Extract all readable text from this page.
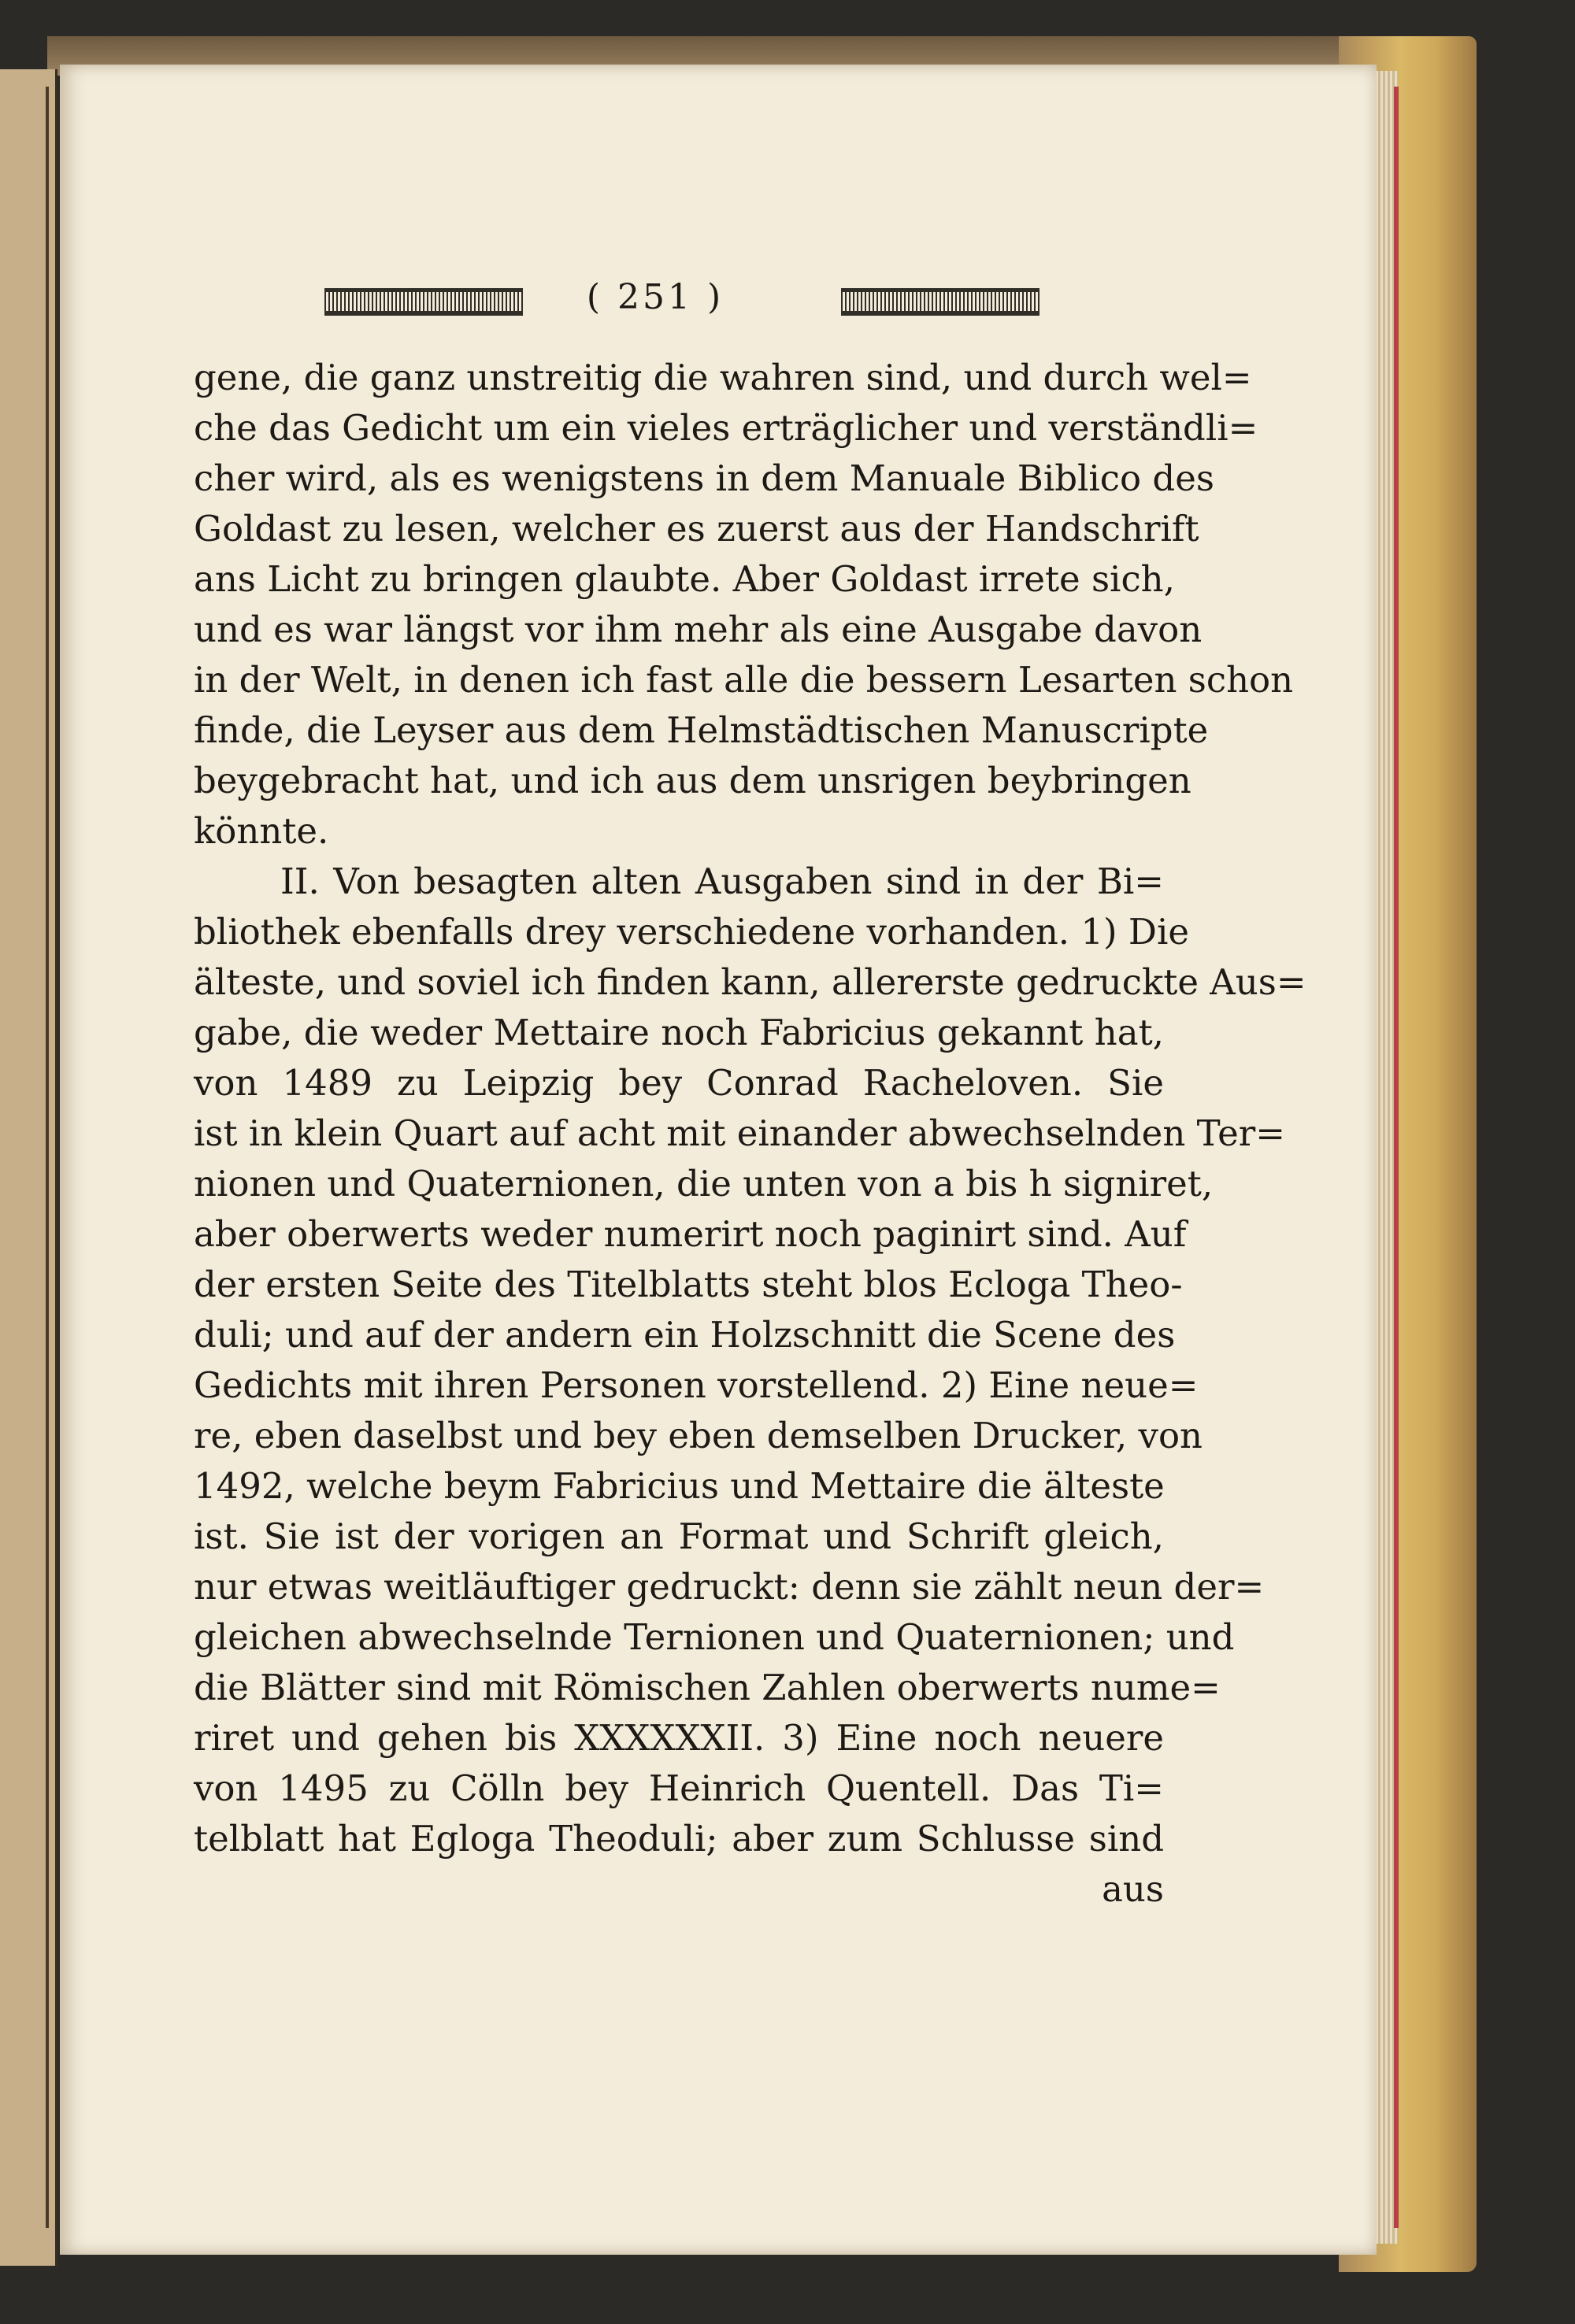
( 251 )
gene, die ganz unstreitig die wahren sind, und durch wel=
che das Gedicht um ein vieles erträglicher und verständli=
cher wird, als es wenigstens in dem Manuale Biblico des
Goldast zu lesen, welcher es zuerst aus der Handschrift
ans Licht zu bringen glaubte. Aber Goldast irrete sich,
und es war längst vor ihm mehr als eine Ausgabe davon
in der Welt, in denen ich fast alle die bessern Lesarten schon
finde, die Leyser aus dem Helmstädtischen Manuscripte
beygebracht hat, und ich aus dem unsrigen beybringen
könnte.
II. Von besagten alten Ausgaben sind in der Bi=
bliothek ebenfalls drey verschiedene vorhanden. 1) Die
älteste, und soviel ich finden kann, allererste gedruckte Aus=
gabe, die weder Mettaire noch Fabricius gekannt hat,
von 1489 zu Leipzig bey Conrad Racheloven. Sie
ist in klein Quart auf acht mit einander abwechselnden Ter=
nionen und Quaternionen, die unten von a bis h signiret,
aber oberwerts weder numerirt noch paginirt sind. Auf
der ersten Seite des Titelblatts steht blos Ecloga Theo-
duli; und auf der andern ein Holzschnitt die Scene des
Gedichts mit ihren Personen vorstellend. 2) Eine neue=
re, eben daselbst und bey eben demselben Drucker, von
1492, welche beym Fabricius und Mettaire die älteste
ist. Sie ist der vorigen an Format und Schrift gleich,
nur etwas weitläuftiger gedruckt: denn sie zählt neun der=
gleichen abwechselnde Ternionen und Quaternionen; und
die Blätter sind mit Römischen Zahlen oberwerts nume=
riret und gehen bis XXXXXXII. 3) Eine noch neuere
von 1495 zu Cölln bey Heinrich Quentell. Das Ti=
telblatt hat Egloga Theoduli; aber zum Schlusse sind
aus
